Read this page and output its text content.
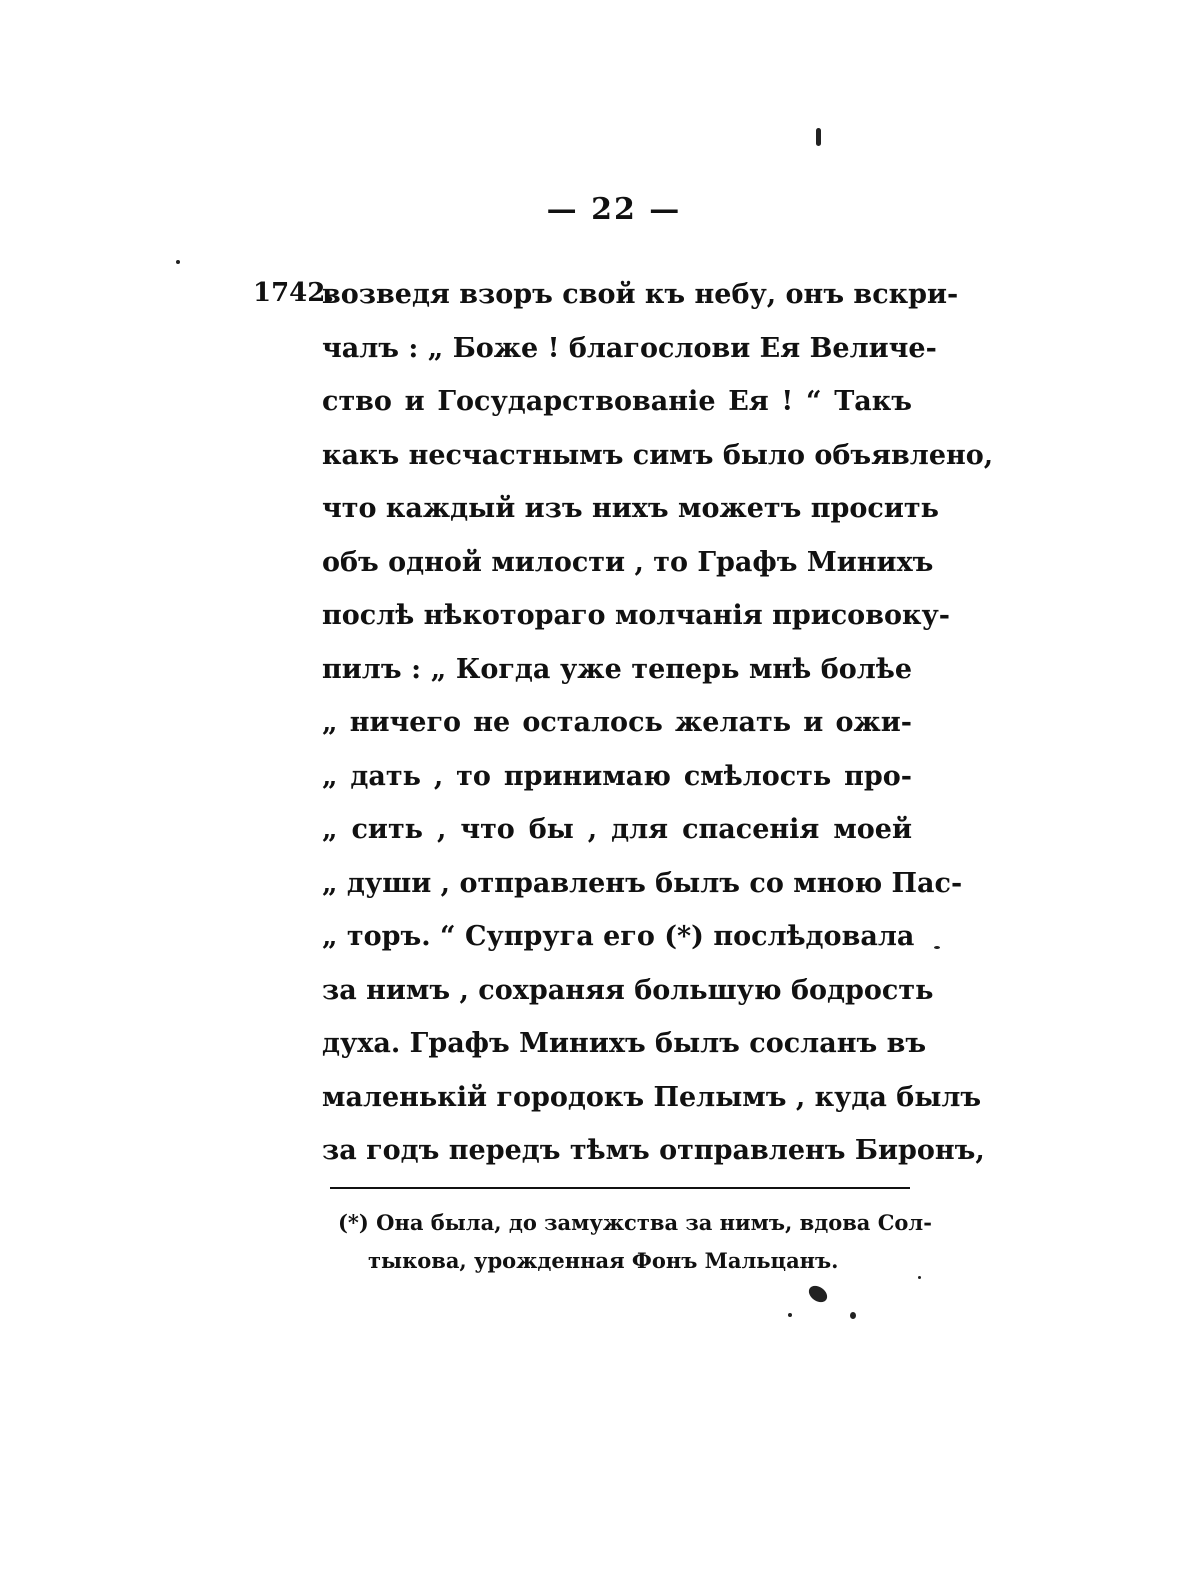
— 22 —
1742.
возведя взоръ свой къ небу, онъ вскри-
чалъ : „ Боже ! благослови Ея Величе-
ство и Государствованіе Ея ! “ Такъ
какъ несчастнымъ симъ было объявлено,
что каждый изъ нихъ можетъ просить
объ одной милости , то Графъ Минихъ
послѣ нѣкотораго молчанія присовоку-
пилъ : „ Когда уже теперь мнѣ болѣе
„ ничего не осталось желать и ожи-
„ дать , то принимаю смѣлость про-
„ сить , что бы , для спасенія моей
„ души , отправленъ былъ со мною Пас-
„ торъ. “ Супруга его (*) послѣдовала
за нимъ , сохраняя большую бодрость
духа. Графъ Минихъ былъ сосланъ въ
маленькій городокъ Пелымъ , куда былъ
за годъ передъ тѣмъ отправленъ Биронъ,
(*) Она была, до замужства за нимъ, вдова Сол-
тыкова, урожденная Фонъ Мальцанъ.
